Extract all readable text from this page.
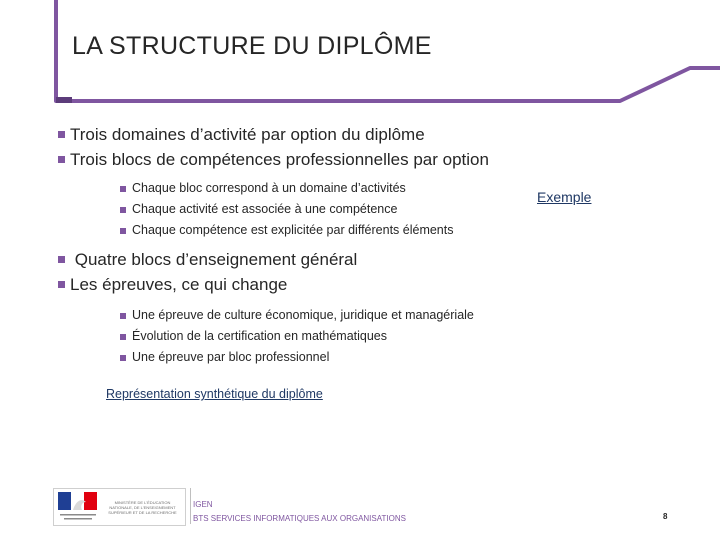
LA STRUCTURE DU DIPLÔME
Trois domaines d’activité par option du diplôme
Trois blocs de compétences professionnelles par option
Chaque bloc correspond à un domaine d’activités
Chaque activité est associée à une compétence
Chaque compétence est explicitée par différents éléments
Quatre blocs d’enseignement général
Les épreuves, ce qui change
Une épreuve de culture économique, juridique et managériale
Évolution de la certification en mathématiques
Une épreuve par bloc professionnel
Exemple
Représentation synthétique du diplôme
MINISTÈRE DE L'ÉDUCATION NATIONALE, DE L'ENSEIGNEMENT SUPÉRIEUR ET DE LA RECHERCHE
IGEN
BTS SERVICES INFORMATIQUES AUX ORGANISATIONS	8
